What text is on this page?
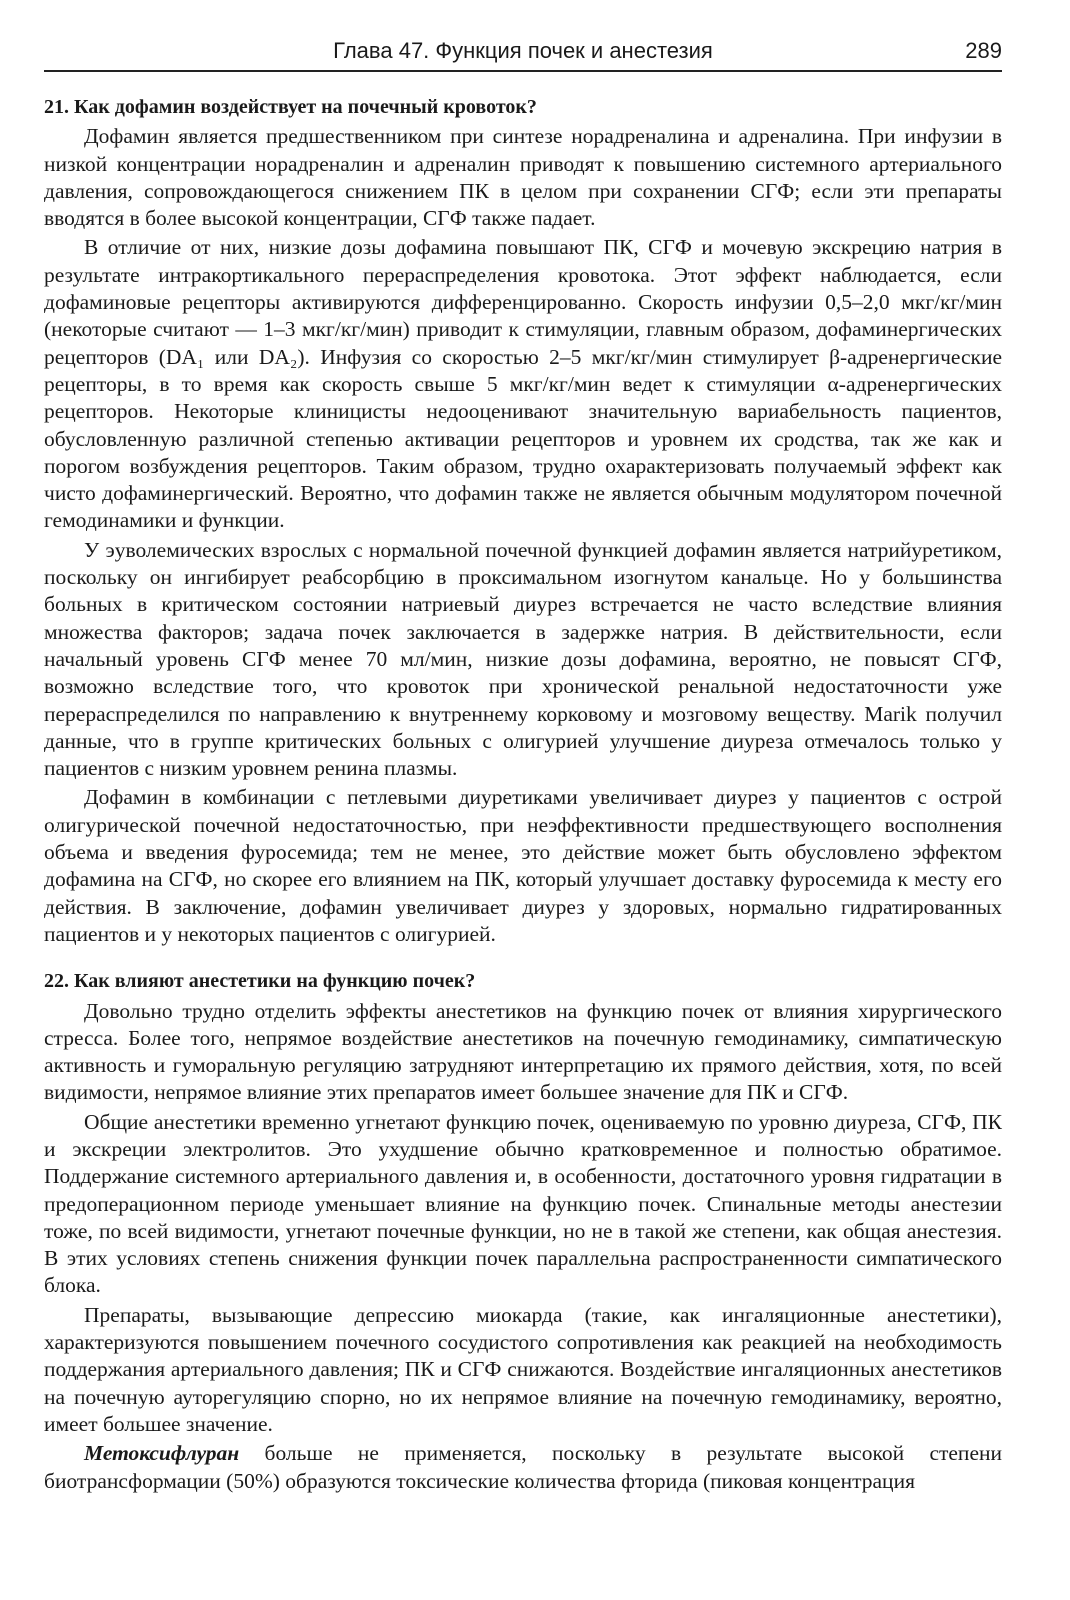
Глава 47. Функция почек и анестезия	289
21. Как дофамин воздействует на почечный кровоток?

Дофамин является предшественником при синтезе норадреналина и адреналина. При инфузии в низкой концентрации норадреналин и адреналин приводят к повышению системного артериального давления, сопровождающегося снижением ПК в целом при сохранении СГФ; если эти препараты вводятся в более высокой концентрации, СГФ также падает.

В отличие от них, низкие дозы дофамина повышают ПК, СГФ и мочевую экскрецию натрия в результате интракортикального перераспределения кровотока. Этот эффект наблюдается, если дофаминовые рецепторы активируются дифференцированно. Скорость инфузии 0,5–2,0 мкг/кг/мин (некоторые считают — 1–3 мкг/кг/мин) приводит к стимуляции, главным образом, дофаминергических рецепторов (DA₁ или DA₂). Инфузия со скоростью 2–5 мкг/кг/мин стимулирует β-адренергические рецепторы, в то время как скорость свыше 5 мкг/кг/мин ведет к стимуляции α-адренергических рецепторов. Некоторые клиницисты недооценивают значительную вариабельность пациентов, обусловленную различной степенью активации рецепторов и уровнем их сродства, так же как и порогом возбуждения рецепторов. Таким образом, трудно охарактеризовать получаемый эффект как чисто дофаминергический. Вероятно, что дофамин также не является обычным модулятором почечной гемодинамики и функции.

У эуволемических взрослых с нормальной почечной функцией дофамин является натрийуретиком, поскольку он ингибирует реабсорбцию в проксимальном изогнутом канальце. Но у большинства больных в критическом состоянии натриевый диурез встречается не часто вследствие влияния множества факторов; задача почек заключается в задержке натрия. В действительности, если начальный уровень СГФ менее 70 мл/мин, низкие дозы дофамина, вероятно, не повысят СГФ, возможно вследствие того, что кровоток при хронической ренальной недостаточности уже перераспределился по направлению к внутреннему корковому и мозговому веществу. Marik получил данные, что в группе критических больных с олигурией улучшение диуреза отмечалось только у пациентов с низким уровнем ренина плазмы.

Дофамин в комбинации с петлевыми диуретиками увеличивает диурез у пациентов с острой олигурической почечной недостаточностью, при неэффективности предшествующего восполнения объема и введения фуросемида; тем не менее, это действие может быть обусловлено эффектом дофамина на СГФ, но скорее его влиянием на ПК, который улучшает доставку фуросемида к месту его действия. В заключение, дофамин увеличивает диурез у здоровых, нормально гидратированных пациентов и у некоторых пациентов с олигурией.

22. Как влияют анестетики на функцию почек?

Довольно трудно отделить эффекты анестетиков на функцию почек от влияния хирургического стресса. Более того, непрямое воздействие анестетиков на почечную гемодинамику, симпатическую активность и гуморальную регуляцию затрудняют интерпретацию их прямого действия, хотя, по всей видимости, непрямое влияние этих препаратов имеет большее значение для ПК и СГФ.

Общие анестетики временно угнетают функцию почек, оцениваемую по уровню диуреза, СГФ, ПК и экскреции электролитов. Это ухудшение обычно кратковременное и полностью обратимое. Поддержание системного артериального давления и, в особенности, достаточного уровня гидратации в предоперационном периоде уменьшает влияние на функцию почек. Спинальные методы анестезии тоже, по всей видимости, угнетают почечные функции, но не в такой же степени, как общая анестезия. В этих условиях степень снижения функции почек параллельна распространенности симпатического блока.

Препараты, вызывающие депрессию миокарда (такие, как ингаляционные анестетики), характеризуются повышением почечного сосудистого сопротивления как реакцией на необходимость поддержания артериального давления; ПК и СГФ снижаются. Воздействие ингаляционных анестетиков на почечную ауторегуляцию спорно, но их непрямое влияние на почечную гемодинамику, вероятно, имеет большее значение.

Метоксифлуран больше не применяется, поскольку в результате высокой степени биотрансформации (50%) образуются токсические количества фторида (пиковая концентрация
